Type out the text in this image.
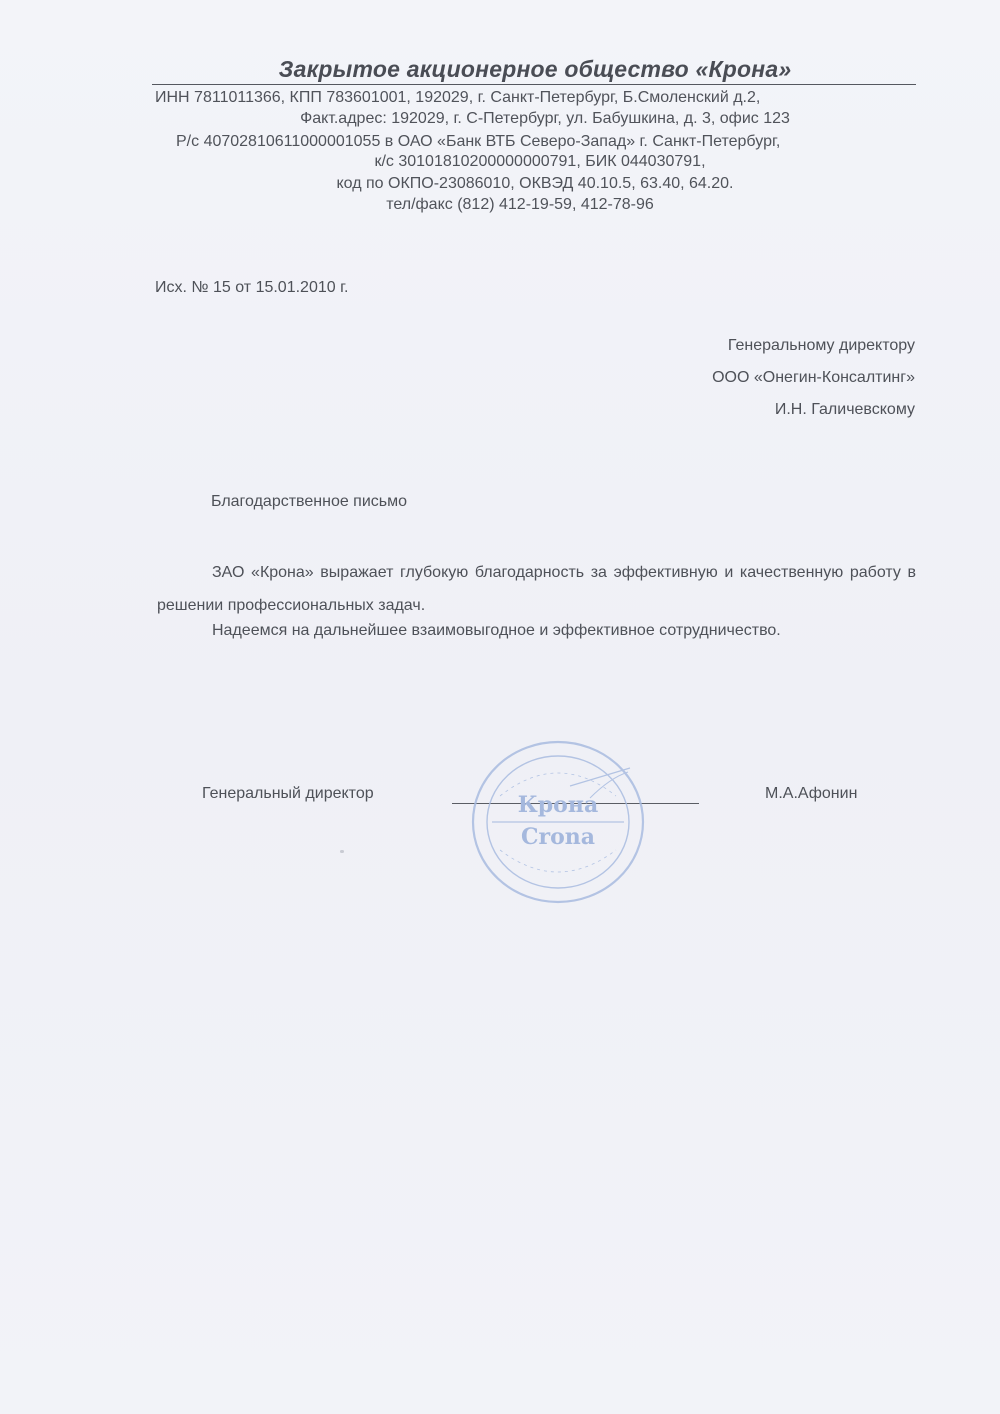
Закрытое акционерное общество «Крона»
ИНН 7811011366, КПП 783601001, 192029, г. Санкт-Петербург, Б.Смоленский д.2,
Факт.адрес: 192029, г. С-Петербург, ул. Бабушкина, д. 3, офис 123
Р/с 40702810611000001055 в ОАО «Банк ВТБ Северо-Запад» г. Санкт-Петербург,
к/с 30101810200000000791, БИК 044030791,
код по ОКПО-23086010, ОКВЭД 40.10.5, 63.40, 64.20.
тел/факс (812) 412-19-59, 412-78-96
Исх. № 15 от 15.01.2010 г.
Генеральному директору
ООО «Онегин-Консалтинг»
И.Н. Галичевскому
Благодарственное письмо
ЗАО «Крона» выражает глубокую благодарность за эффективную и качественную работу в решении профессиональных задач.
Надеемся на дальнейшее взаимовыгодное и эффективное сотрудничество.
Генеральный директор	М.А.Афонин
Крона
Crona
